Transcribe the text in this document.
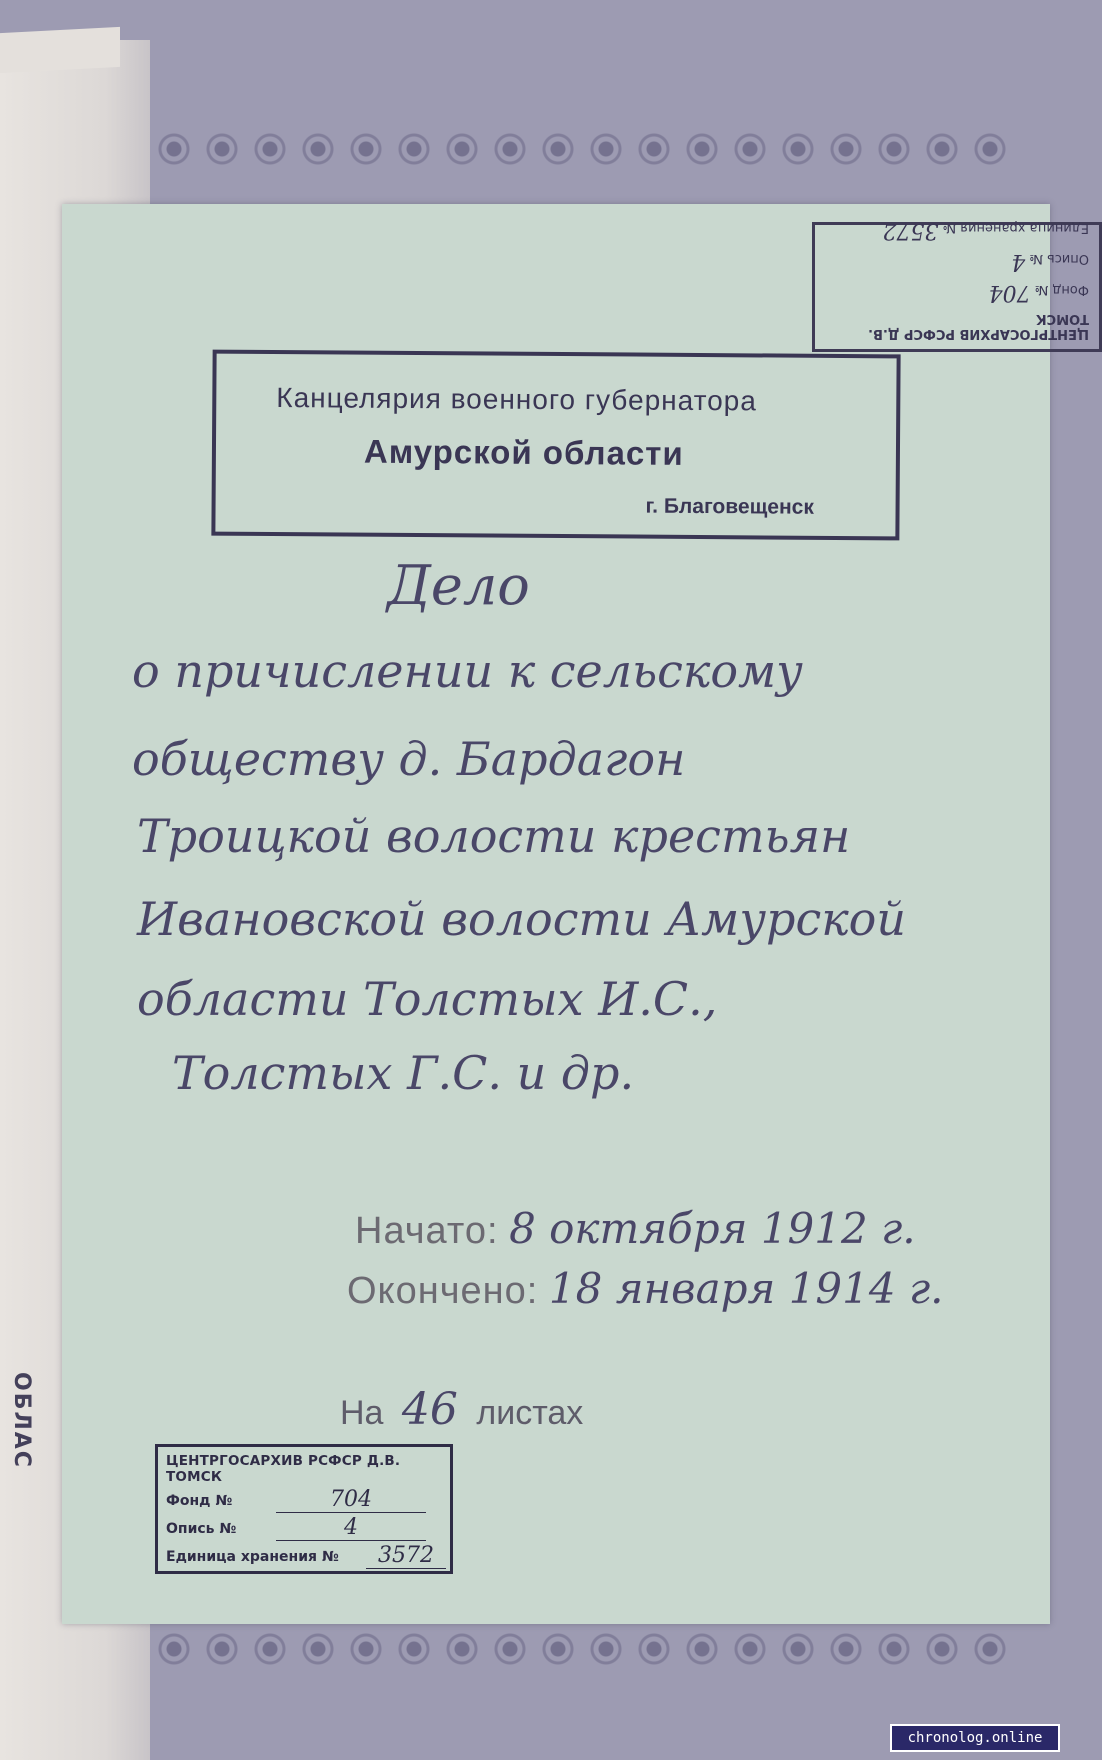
ОБЛАС
ЦЕНТРГОСАРХИВ РСФСР Д.В. ТОМСК
Фонд № 704
Опись № 4
Единица хранения № 3572
Канцелярия военного губернатора
Амурской области
г. Благовещенск
Дело
о причислении к сельскому
обществу д. Бардагон
Троицкой волости крестьян
Ивановской волости Амурской
области Толстых И.С.,
Толстых Г.С. и др.
Начато: 8 октября 1912 г.
Окончено: 18 января 1914 г.
На 46 листах
ЦЕНТРГОСАРХИВ РСФСР Д.В. ТОМСК
Фонд №	704
Опись №	4
Единица хранения №	3572
chronolog.online
